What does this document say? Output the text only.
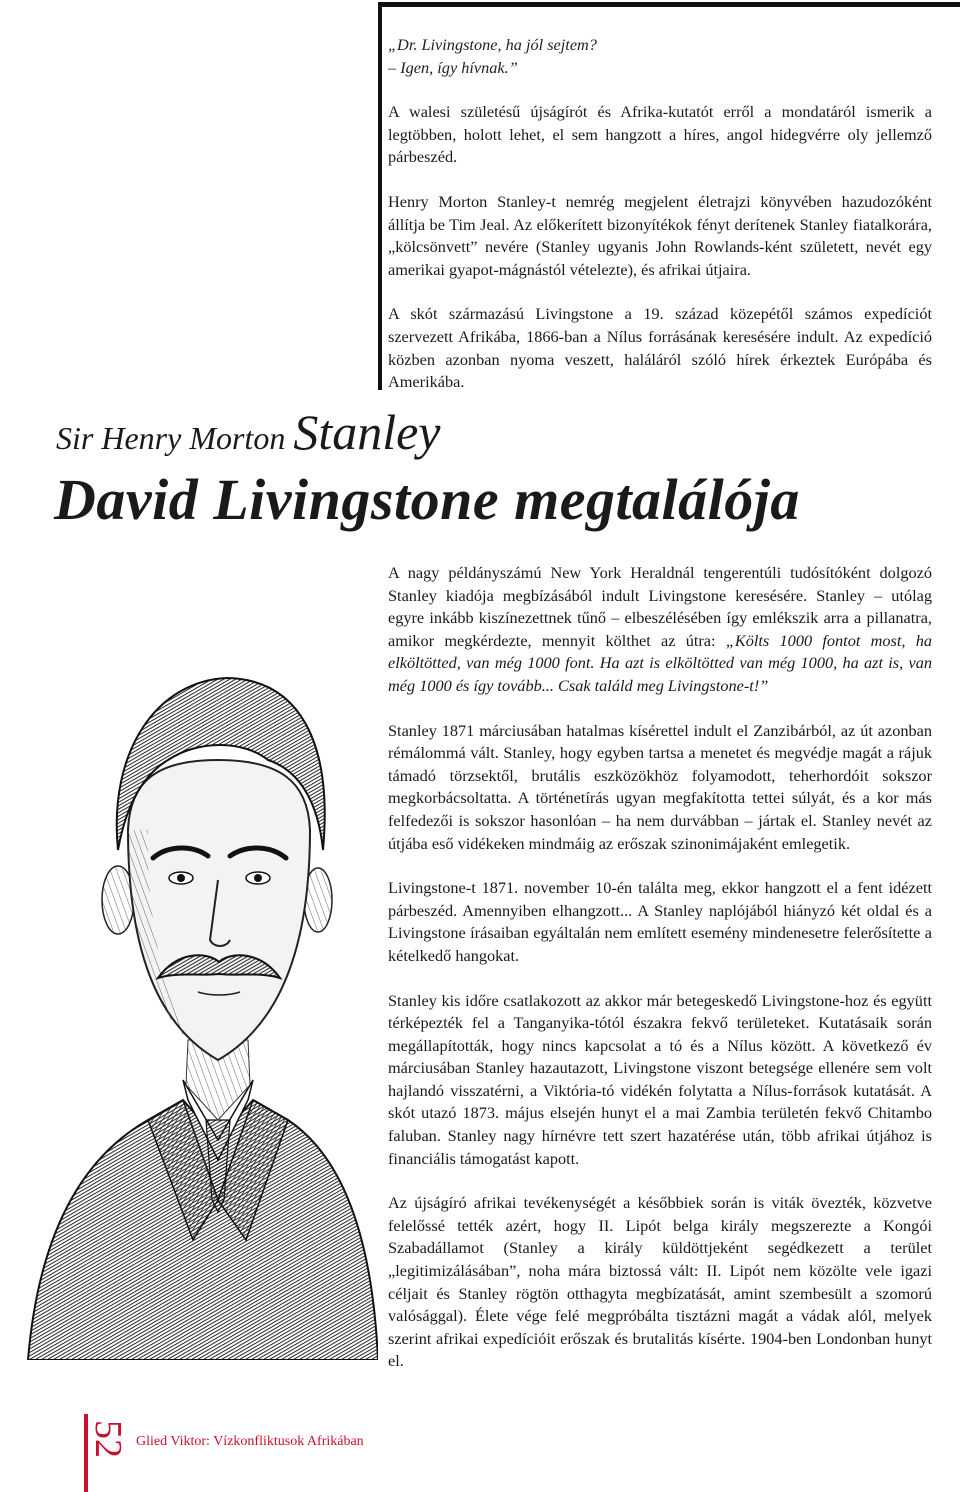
„Dr. Livingstone, ha jól sejtem?
– Igen, így hívnak.”

A walesi születésű újságírót és Afrika-kutatót erről a mondatáról ismerik a legtöbben, holott lehet, el sem hangzott a híres, angol hidegvérre oly jellemző párbeszéd.

Henry Morton Stanley-t nemrég megjelent életrajzi könyvében hazudozóként állítja be Tim Jeal. Az előkerített bizonyítékok fényt derítenek Stanley fiatalkorára, „kölcsönvett” nevére (Stanley ugyanis John Rowlands-ként született, nevét egy amerikai gyapot-mágnástól vételezte), és afrikai útjaira.

A skót származású Livingstone a 19. század közepétől számos expedíciót szervezett Afrikába, 1866-ban a Nílus forrásának keresésére indult. Az expedíció közben azonban nyoma veszett, haláláról szóló hírek érkeztek Európába és Amerikába.

Sir Henry Morton Stanley
David Livingstone megtalálója

A nagy példányszámú New York Heraldnál tengerentúli tudósítóként dolgozó Stanley kiadója megbízásából indult Livingstone keresésére. Stanley – utólag egyre inkább kiszínezettnek tűnő – elbeszélésében így emlékszik arra a pillanatra, amikor megkérdezte, mennyit költhet az útra: „Költs 1000 fontot most, ha elköltötted, van még 1000 font. Ha azt is elköltötted van még 1000, ha azt is, van még 1000 és így tovább... Csak találd meg Livingstone-t!”

Stanley 1871 márciusában hatalmas kísérettel indult el Zanzibárból, az út azonban rémálommá vált. Stanley, hogy egyben tartsa a menetet és megvédje magát a rájuk támadó törzsektől, brutális eszközökhöz folyamodott, teherhordóit sokszor megkorbácsoltatta. A történetírás ugyan megfakította tettei súlyát, és a kor más felfedezői is sokszor hasonlóan – ha nem durvábban – jártak el. Stanley nevét az útjába eső vidékeken mindmáig az erőszak szinonimájaként emlegetik.

Livingstone-t 1871. november 10-én találta meg, ekkor hangzott el a fent idézett párbeszéd. Amennyiben elhangzott... A Stanley naplójából hiányzó két oldal és a Livingstone írásaiban egyáltalán nem említett esemény mindenesetre felerősítette a kételkedő hangokat.

Stanley kis időre csatlakozott az akkor már betegeskedő Livingstone-hoz és együtt térképezték fel a Tanganyika-tótól északra fekvő területeket. Kutatásaik során megállapították, hogy nincs kapcsolat a tó és a Nílus között. A következő év márciusában Stanley hazautazott, Livingstone viszont betegsége ellenére sem volt hajlandó visszatérni, a Viktória-tó vidékén folytatta a Nílus-források kutatását. A skót utazó 1873. május elsején hunyt el a mai Zambia területén fekvő Chitambo faluban. Stanley nagy hírnévre tett szert hazatérése után, több afrikai útjához is financiális támogatást kapott.

Az újságíró afrikai tevékenységét a későbbiek során is viták övezték, közvetve felelőssé tették azért, hogy II. Lipót belga király megszerezte a Kongói Szabadállamot (Stanley a király küldöttjeként segédkezett a terület „legitimizálásában”, noha mára biztossá vált: II. Lipót nem közölte vele igazi céljait és Stanley rögtön otthagyta megbízatását, amint szembesült a szomorú valósággal). Élete vége felé megpróbálta tisztázni magát a vádak alól, melyek szerint afrikai expedícióit erőszak és brutalitás kísérte. 1904-ben Londonban hunyt el.

52 Glied Viktor: Vízkonfliktusok Afrikában
